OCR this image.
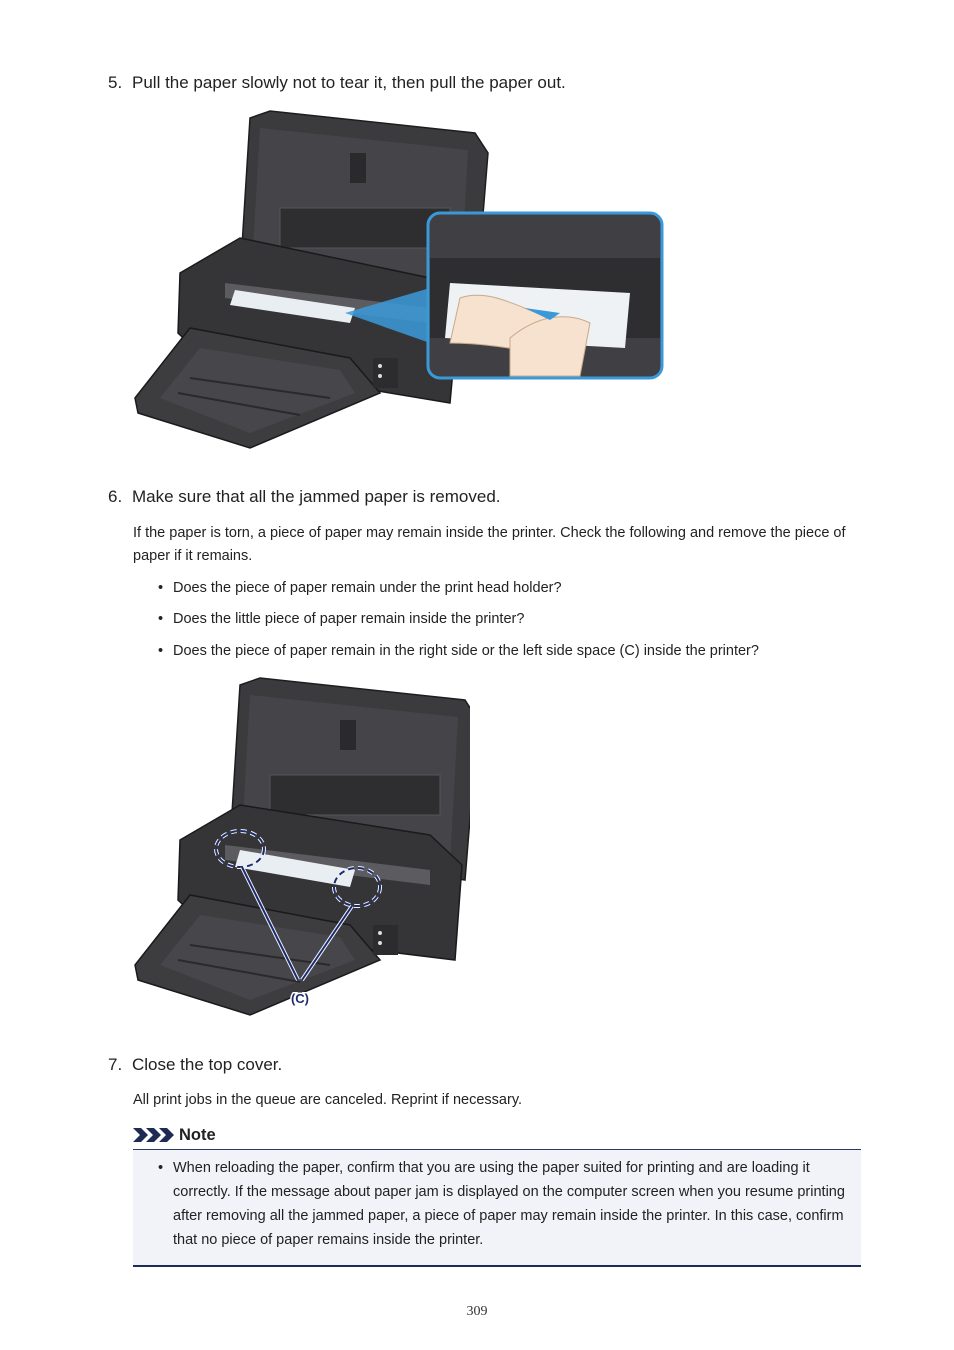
5. Pull the paper slowly not to tear it, then pull the paper out.
6. Make sure that all the jammed paper is removed.
If the paper is torn, a piece of paper may remain inside the printer. Check the following and remove the piece of paper if it remains.
• Does the piece of paper remain under the print head holder?
• Does the little piece of paper remain inside the printer?
• Does the piece of paper remain in the right side or the left side space (C) inside the printer?
(C)
7. Close the top cover.
All print jobs in the queue are canceled. Reprint if necessary.
Note
• When reloading the paper, confirm that you are using the paper suited for printing and are loading it correctly. If the message about paper jam is displayed on the computer screen when you resume printing after removing all the jammed paper, a piece of paper may remain inside the printer. In this case, confirm that no piece of paper remains inside the printer.
309
